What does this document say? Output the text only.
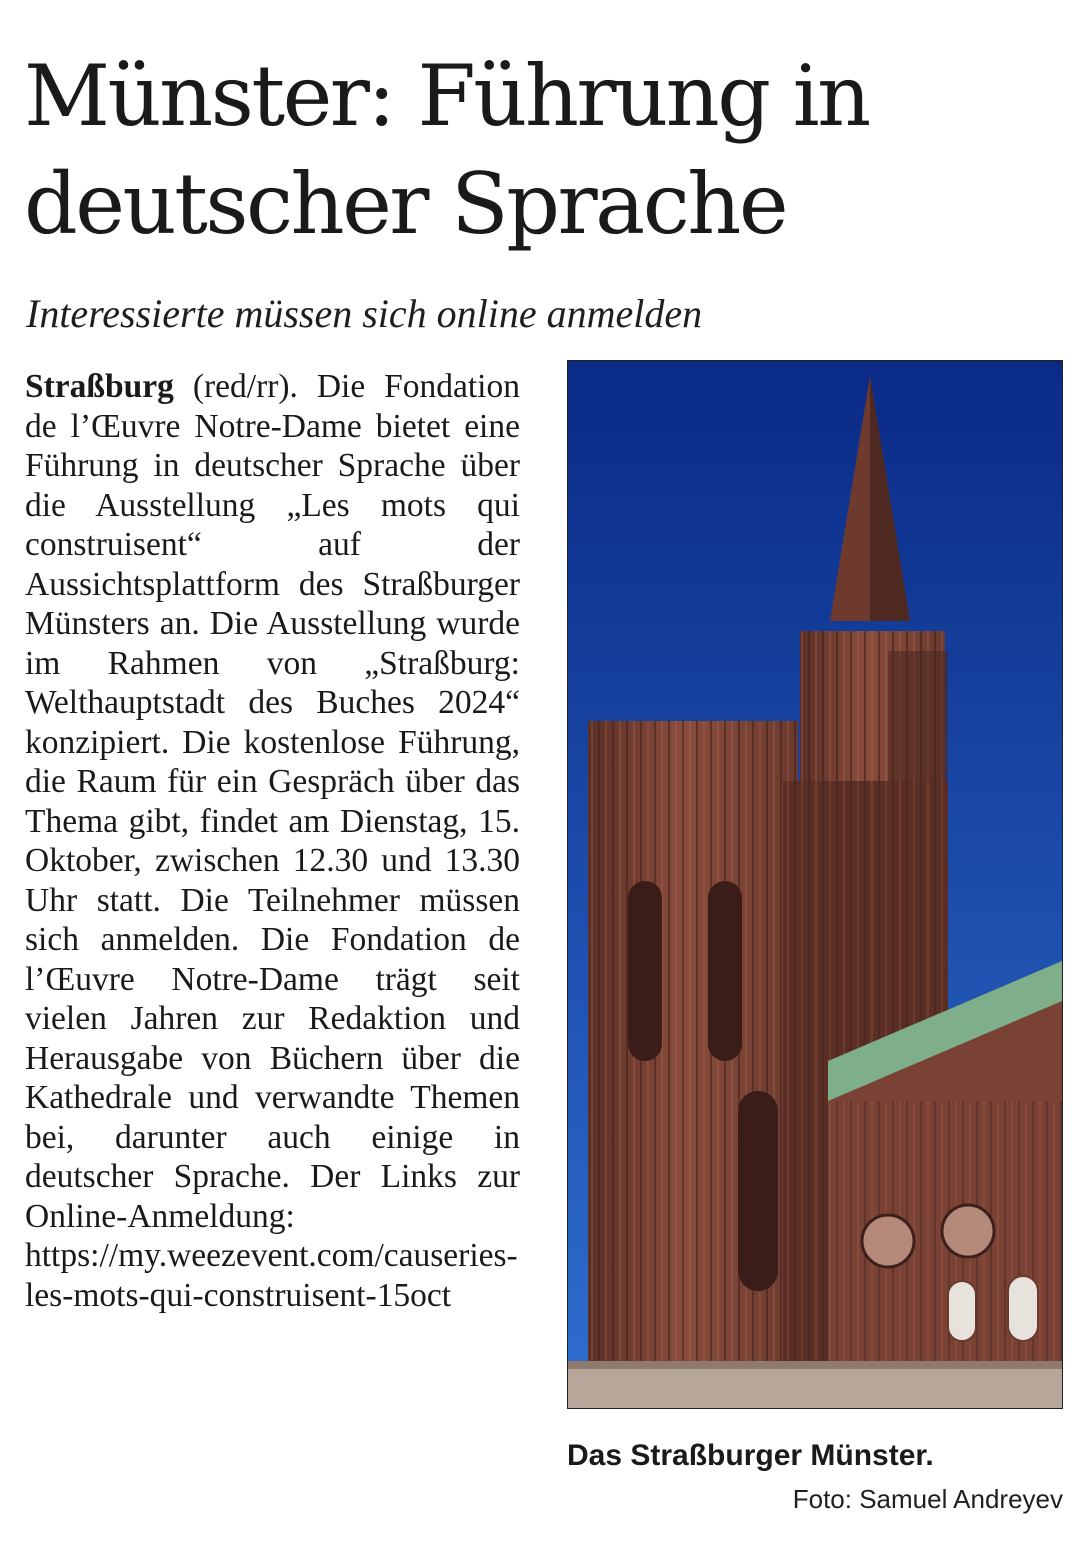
Münster: Führung in deutscher Sprache

Interessierte müssen sich online anmelden

Straßburg (red/rr). Die Fondation de l’Œuvre Notre-Dame bietet eine Führung in deutscher Sprache über die Ausstellung „Les mots qui construisent“ auf der Aussichtsplattform des Straßburger Münsters an. Die Ausstellung wurde im Rahmen von „Straßburg: Welthauptstadt des Buches 2024“ konzipiert. Die kostenlose Führung, die Raum für ein Gespräch über das Thema gibt, findet am Dienstag, 15. Oktober, zwischen 12.30 und 13.30 Uhr statt. Die Teilnehmer müssen sich anmelden. Die Fondation de l’Œuvre Notre-Dame trägt seit vielen Jahren zur Redaktion und Herausgabe von Büchern über die Kathedrale und verwandte Themen bei, darunter auch einige in deutscher Sprache. Der Links zur Online-Anmeldung: https://my.weezevent.com/causeries-les-mots-qui-construisent-15oct

Das Straßburger Münster.

Foto: Samuel Andreyev
